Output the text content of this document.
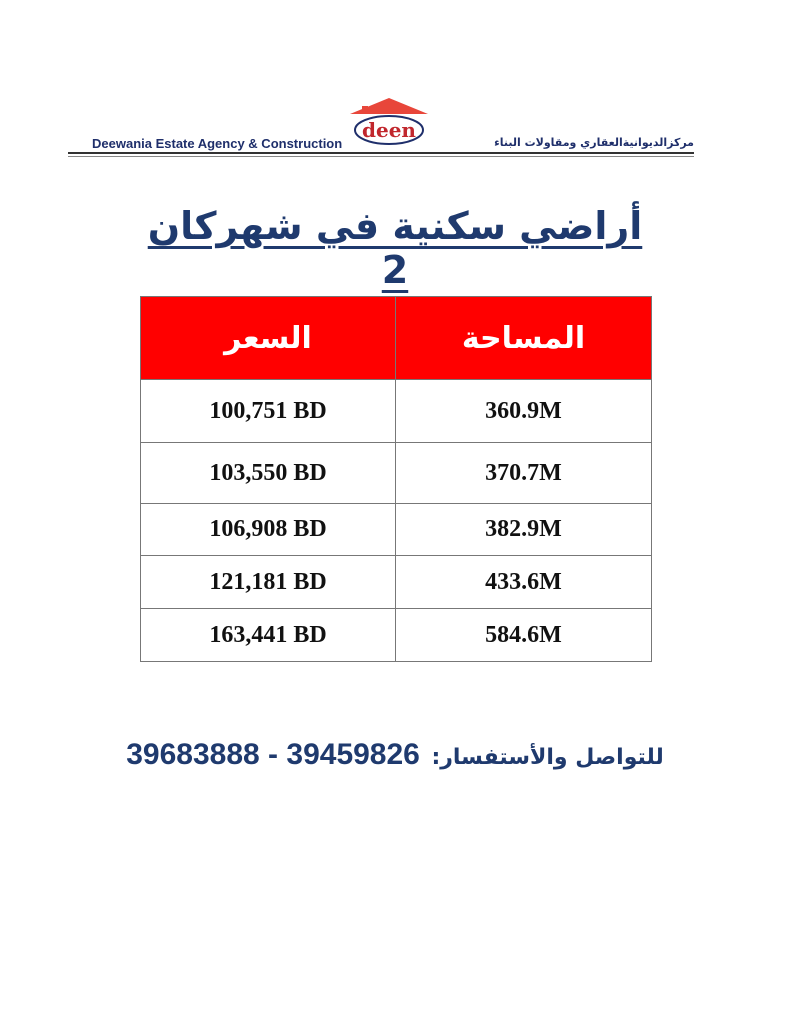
Deewania Estate Agency & Construction
deen
مركزالديوانيةالعقاري ومقاولات البناء
أراضي سكنية في شهركان 2
السعر	المساحة
100,751 BD	360.9M
103,550 BD	370.7M
106,908 BD	382.9M
121,181 BD	433.6M
163,441 BD	584.6M
39683888 - 39459826 للتواصل والأستفسار:
